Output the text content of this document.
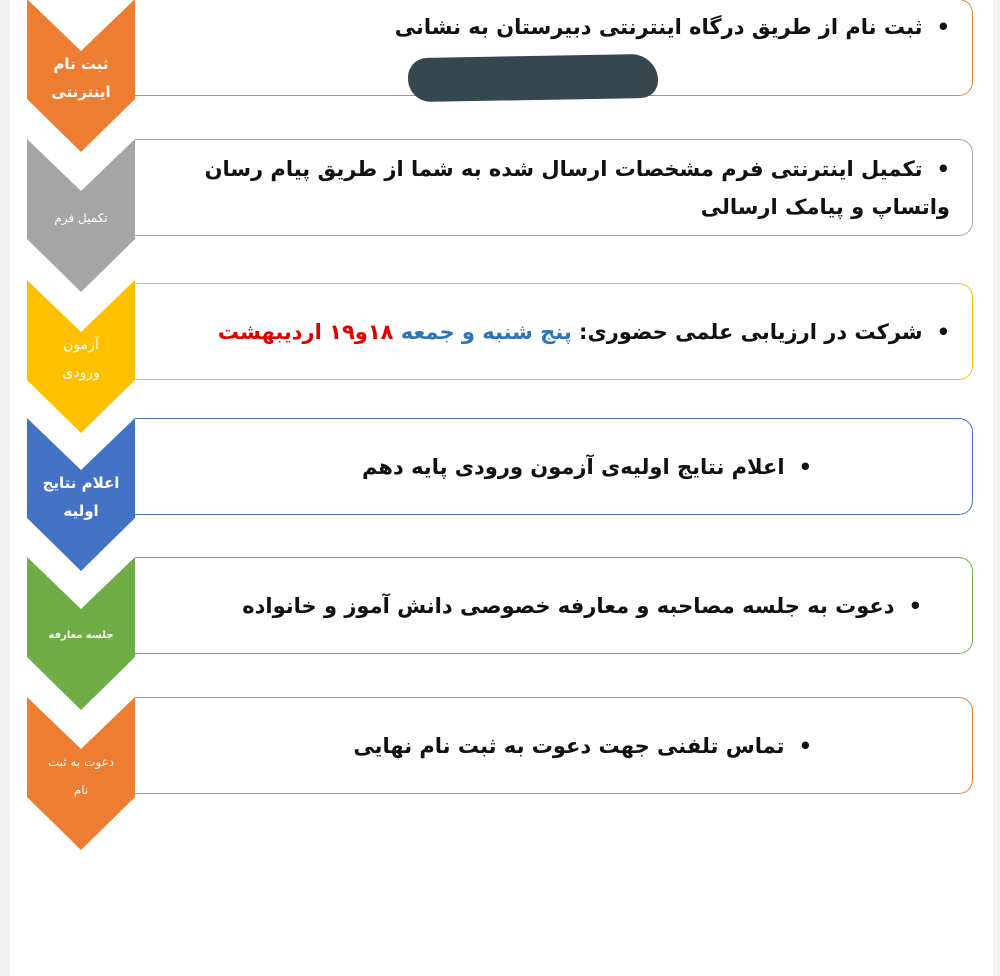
ثبت نام
اینترنتی
•ثبت نام از طریق درگاه اینترنتی دبیرستان به نشانی
تکمیل فرم
•تکمیل اینترنتی فرم مشخصات ارسال شده به شما از طریق پیام رسان واتساپ و پیامک ارسالی
آزمون
ورودی
•شرکت در ارزیابی علمی حضوری: پنج شنبه و جمعه ۱۸و۱۹ اردیبهشت
اعلام نتایج
اولیه
•اعلام نتایج اولیه‌ی آزمون ورودی پایه دهم
جلسه معارفه
•دعوت به جلسه مصاحبه و معارفه خصوصی دانش آموز و خانواده
دعوت به ثبت
نام
•تماس تلفنی جهت دعوت به ثبت نام نهایی
